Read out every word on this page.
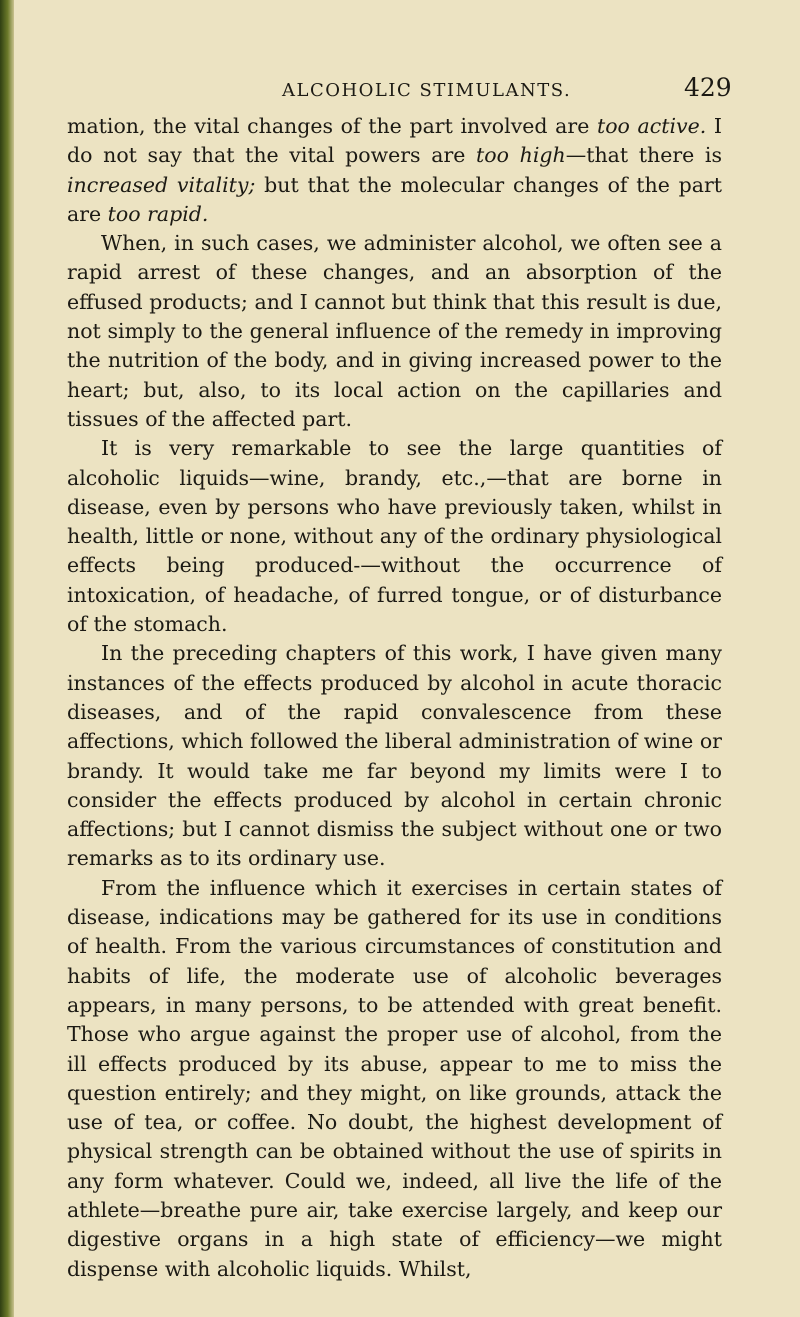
ALCOHOLIC STIMULANTS.	429

mation, the vital changes of the part involved are too active. I do not say that the vital powers are too high—that there is increased vitality; but that the molecular changes of the part are too rapid.

When, in such cases, we administer alcohol, we often see a rapid arrest of these changes, and an absorption of the effused products; and I cannot but think that this result is due, not simply to the general influence of the remedy in improving the nutrition of the body, and in giving increased power to the heart; but, also, to its local action on the capillaries and tissues of the affected part.

It is very remarkable to see the large quantities of alcoholic liquids—wine, brandy, etc.,—that are borne in disease, even by persons who have previously taken, whilst in health, little or none, without any of the ordinary physiological effects being produced-—without the occurrence of intoxication, of headache, of furred tongue, or of disturbance of the stomach.

In the preceding chapters of this work, I have given many instances of the effects produced by alcohol in acute thoracic diseases, and of the rapid convalescence from these affections, which followed the liberal administration of wine or brandy. It would take me far beyond my limits were I to consider the effects produced by alcohol in certain chronic affections; but I cannot dismiss the subject without one or two remarks as to its ordinary use.

From the influence which it exercises in certain states of disease, indications may be gathered for its use in conditions of health. From the various circumstances of constitution and habits of life, the moderate use of alcoholic beverages appears, in many persons, to be attended with great benefit. Those who argue against the proper use of alcohol, from the ill effects produced by its abuse, appear to me to miss the question entirely; and they might, on like grounds, attack the use of tea, or coffee. No doubt, the highest development of physical strength can be obtained without the use of spirits in any form whatever. Could we, indeed, all live the life of the athlete—breathe pure air, take exercise largely, and keep our digestive organs in a high state of efficiency—we might dispense with alcoholic liquids. Whilst,
